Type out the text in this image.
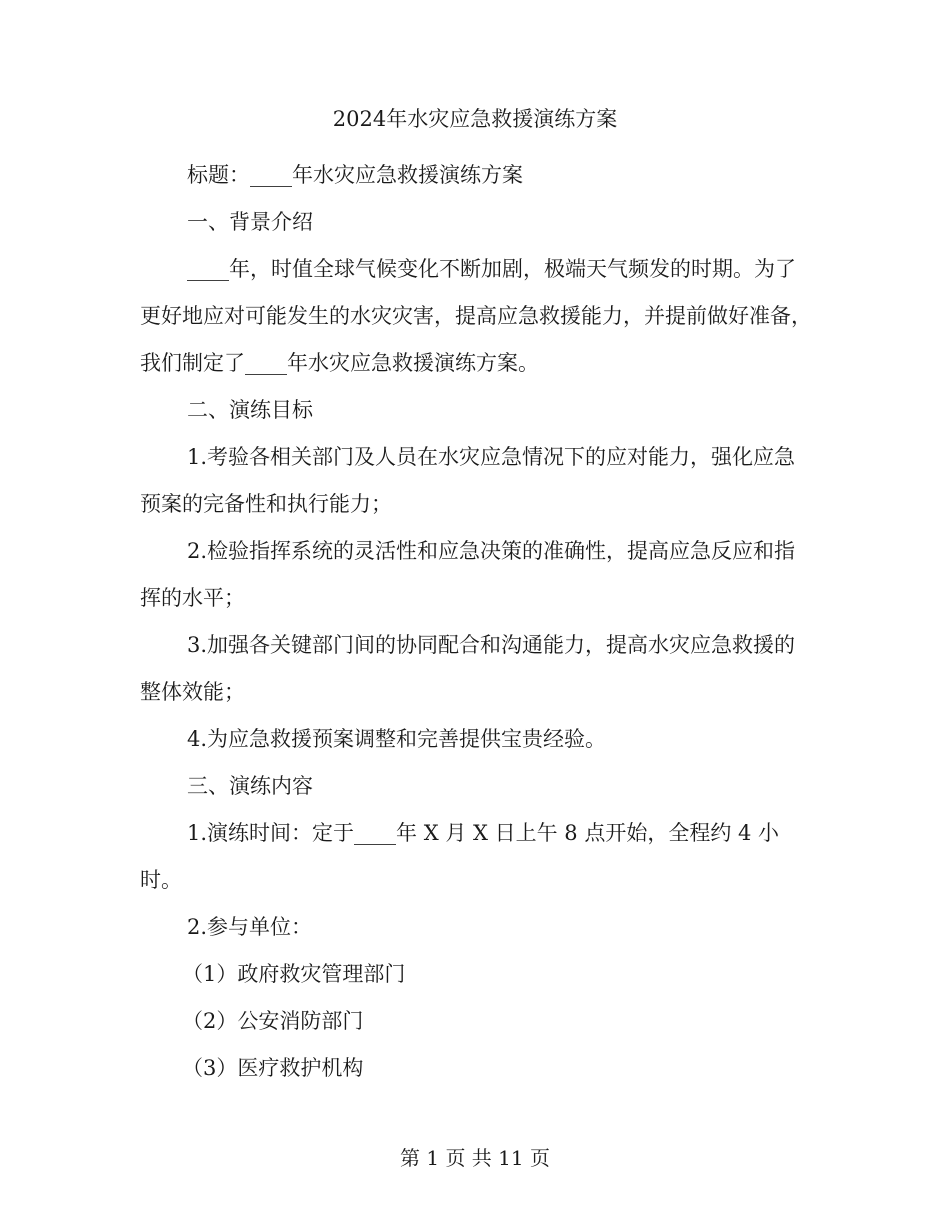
2024年水灾应急救援演练方案

标题：____年水灾应急救援演练方案

一、背景介绍

____年，时值全球气候变化不断加剧，极端天气频发的时期。为了更好地应对可能发生的水灾灾害，提高应急救援能力，并提前做好准备，我们制定了____年水灾应急救援演练方案。

二、演练目标

1.考验各相关部门及人员在水灾应急情况下的应对能力，强化应急预案的完备性和执行能力；

2.检验指挥系统的灵活性和应急决策的准确性，提高应急反应和指挥的水平；

3.加强各关键部门间的协同配合和沟通能力，提高水灾应急救援的整体效能；

4.为应急救援预案调整和完善提供宝贵经验。

三、演练内容

1.演练时间：定于____年 X 月 X 日上午 8 点开始，全程约 4 小时。

2.参与单位：

（1）政府救灾管理部门

（2）公安消防部门

（3）医疗救护机构

第 1 页 共 11 页
